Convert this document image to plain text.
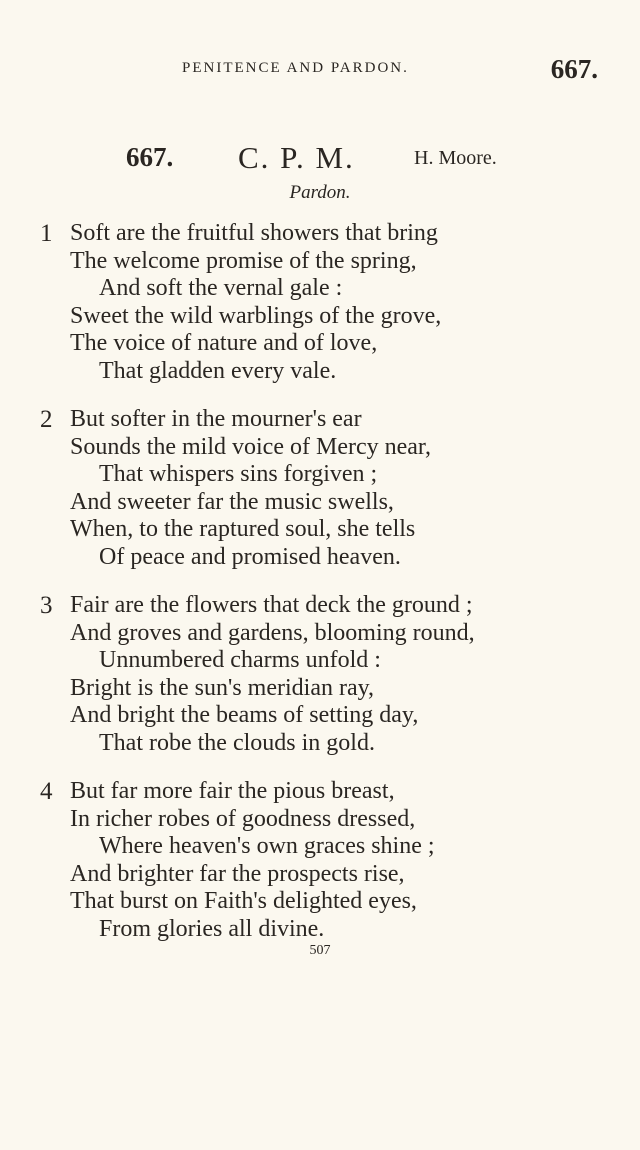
PENITENCE AND PARDON.	667.
667. C. P. M.	H. Moore.
Pardon.
1 Soft are the fruitful showers that bring
The welcome promise of the spring,
And soft the vernal gale :
Sweet the wild warblings of the grove,
The voice of nature and of love,
That gladden every vale.
2 But softer in the mourner's ear
Sounds the mild voice of Mercy near,
That whispers sins forgiven ;
And sweeter far the music swells,
When, to the raptured soul, she tells
Of peace and promised heaven.
3 Fair are the flowers that deck the ground ;
And groves and gardens, blooming round,
Unnumbered charms unfold :
Bright is the sun's meridian ray,
And bright the beams of setting day,
That robe the clouds in gold.
4 But far more fair the pious breast,
In richer robes of goodness dressed,
Where heaven's own graces shine ;
And brighter far the prospects rise,
That burst on Faith's delighted eyes,
From glories all divine.
507
